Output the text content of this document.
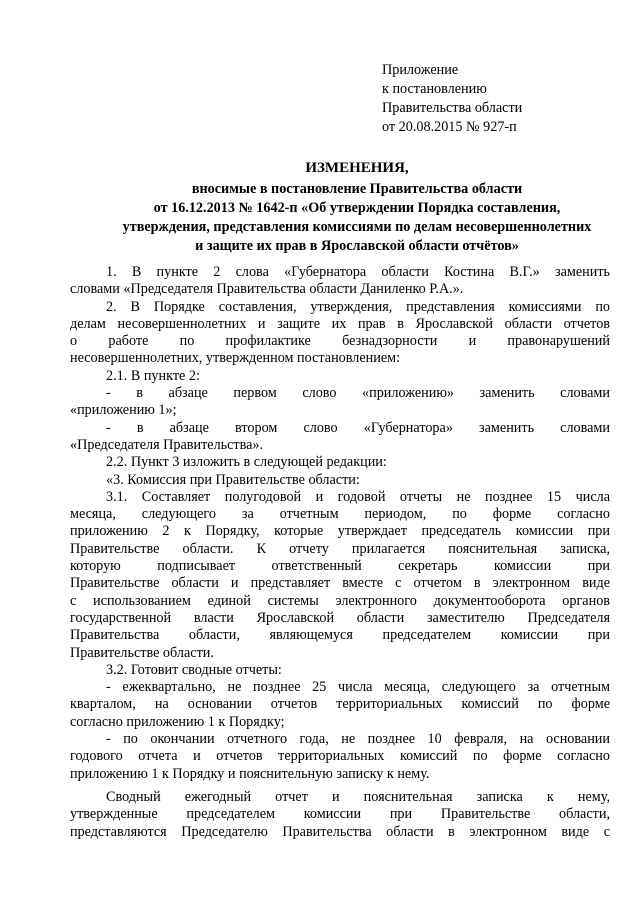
Приложение
к постановлению
Правительства области
от 20.08.2015 № 927-п
ИЗМЕНЕНИЯ,
вносимые в постановление Правительства области
от 16.12.2013 № 1642-п «Об утверждении Порядка составления,
утверждения, представления комиссиями по делам несовершеннолетних
и защите их прав в Ярославской области отчётов»
1. В пункте 2 слова «Губернатора области Костина В.Г.» заменить
словами «Председателя Правительства области Даниленко Р.А.».
2. В Порядке составления, утверждения, представления комиссиями по
делам несовершеннолетних и защите их прав в Ярославской области отчетов
о работе по профилактике безнадзорности и правонарушений
несовершеннолетних, утвержденном постановлением:
2.1. В пункте 2:
- в абзаце первом слово «приложению» заменить словами
«приложению 1»;
- в абзаце втором слово «Губернатора» заменить словами
«Председателя Правительства».
2.2. Пункт 3 изложить в следующей редакции:
«3. Комиссия при Правительстве области:
3.1. Составляет полугодовой и годовой отчеты не позднее 15 числа
месяца, следующего за отчетным периодом, по форме согласно
приложению 2 к Порядку, которые утверждает председатель комиссии при
Правительстве области. К отчету прилагается пояснительная записка,
которую подписывает ответственный секретарь комиссии при
Правительстве области и представляет вместе с отчетом в электронном виде
с использованием единой системы электронного документооборота органов
государственной власти Ярославской области заместителю Председателя
Правительства области, являющемуся председателем комиссии при
Правительстве области.
3.2. Готовит сводные отчеты:
- ежеквартально, не позднее 25 числа месяца, следующего за отчетным
кварталом, на основании отчетов территориальных комиссий по форме
согласно приложению 1 к Порядку;
- по окончании отчетного года, не позднее 10 февраля, на основании
годового отчета и отчетов территориальных комиссий по форме согласно
приложению 1 к Порядку и пояснительную записку к нему.
Сводный ежегодный отчет и пояснительная записка к нему,
утвержденные председателем комиссии при Правительстве области,
представляются Председателю Правительства области в электронном виде с
